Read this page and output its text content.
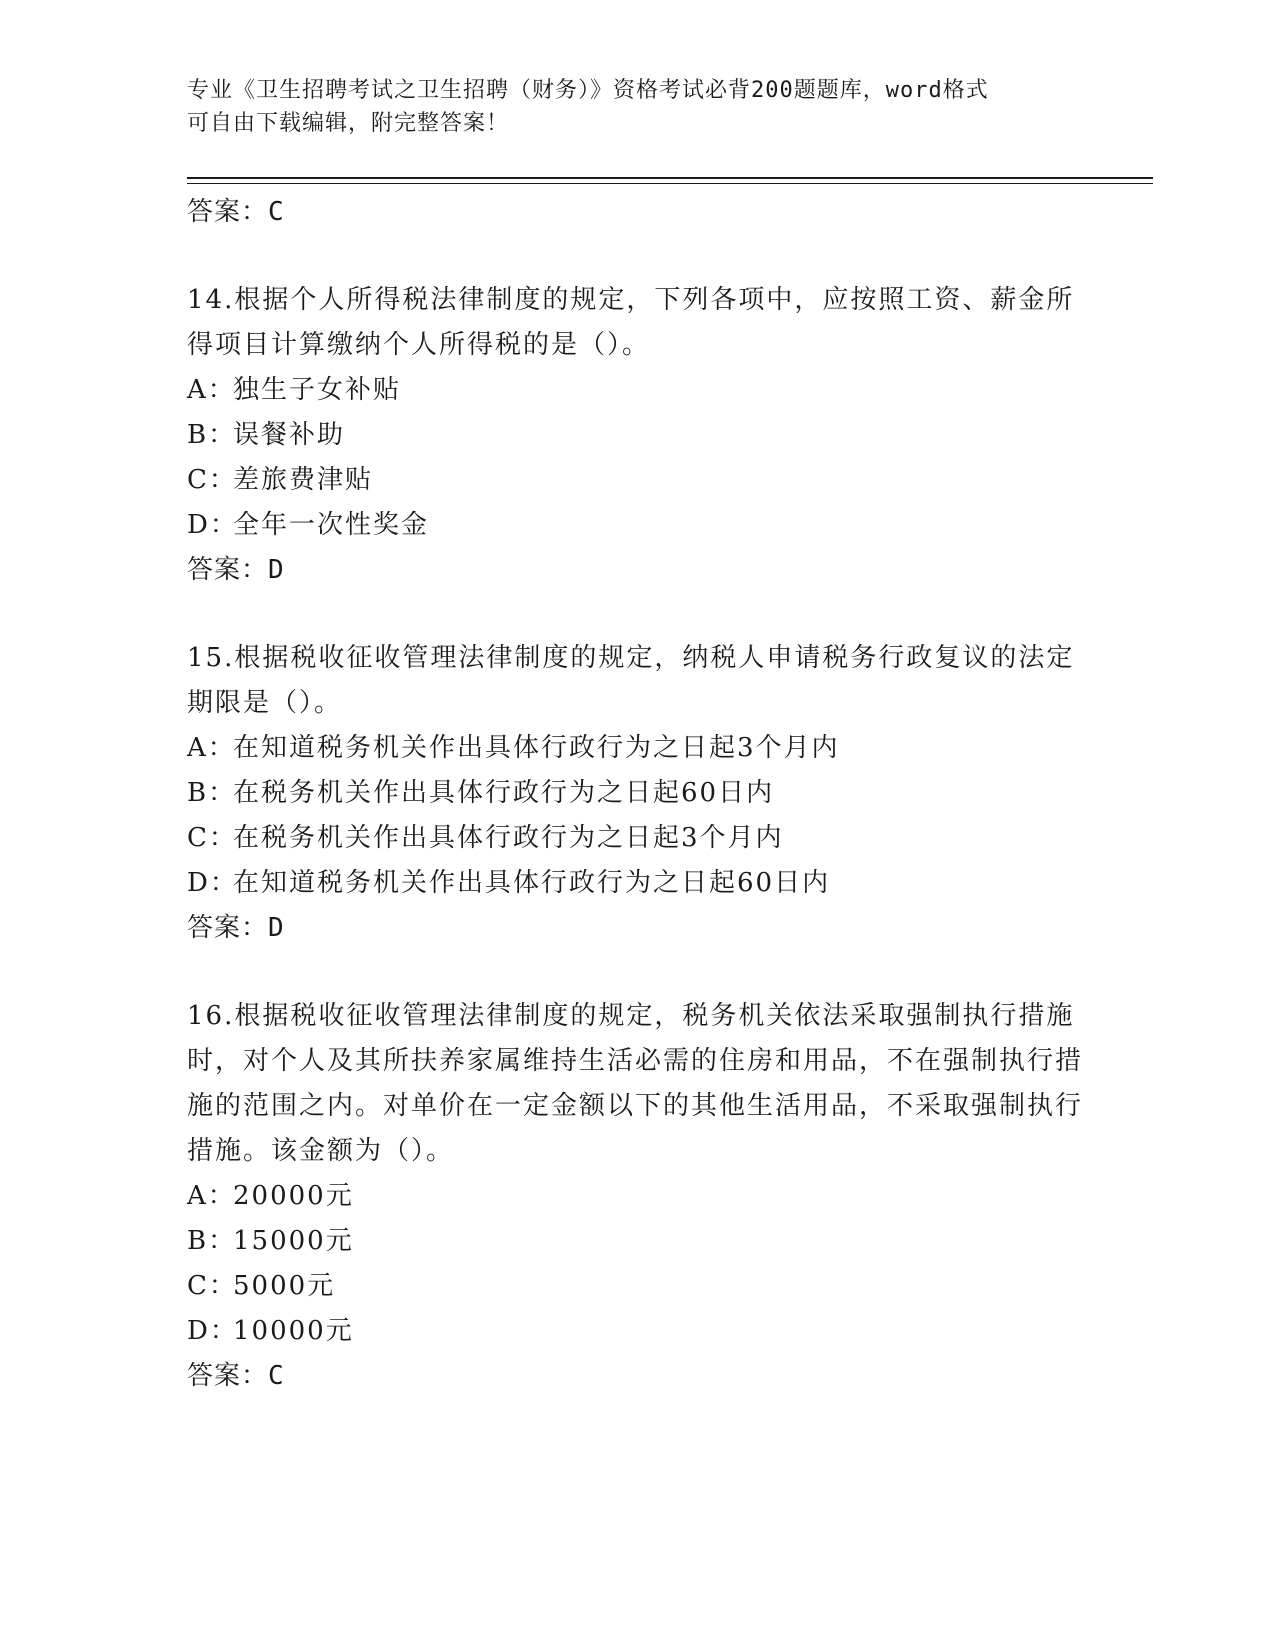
专业《卫生招聘考试之卫生招聘（财务）》资格考试必背200题题库，word格式
可自由下载编辑，附完整答案！
答案：C
14.根据个人所得税法律制度的规定，下列各项中，应按照工资、薪金所得项目计算缴纳个人所得税的是（）。
A：独生子女补贴
B：误餐补助
C：差旅费津贴
D：全年一次性奖金
答案：D
15.根据税收征收管理法律制度的规定，纳税人申请税务行政复议的法定期限是（）。
A：在知道税务机关作出具体行政行为之日起3个月内
B：在税务机关作出具体行政行为之日起60日内
C：在税务机关作出具体行政行为之日起3个月内
D：在知道税务机关作出具体行政行为之日起60日内
答案：D
16.根据税收征收管理法律制度的规定，税务机关依法采取强制执行措施时，对个人及其所扶养家属维持生活必需的住房和用品，不在强制执行措施的范围之内。对单价在一定金额以下的其他生活用品，不采取强制执行措施。该金额为（）。
A：20000元
B：15000元
C：5000元
D：10000元
答案：C
